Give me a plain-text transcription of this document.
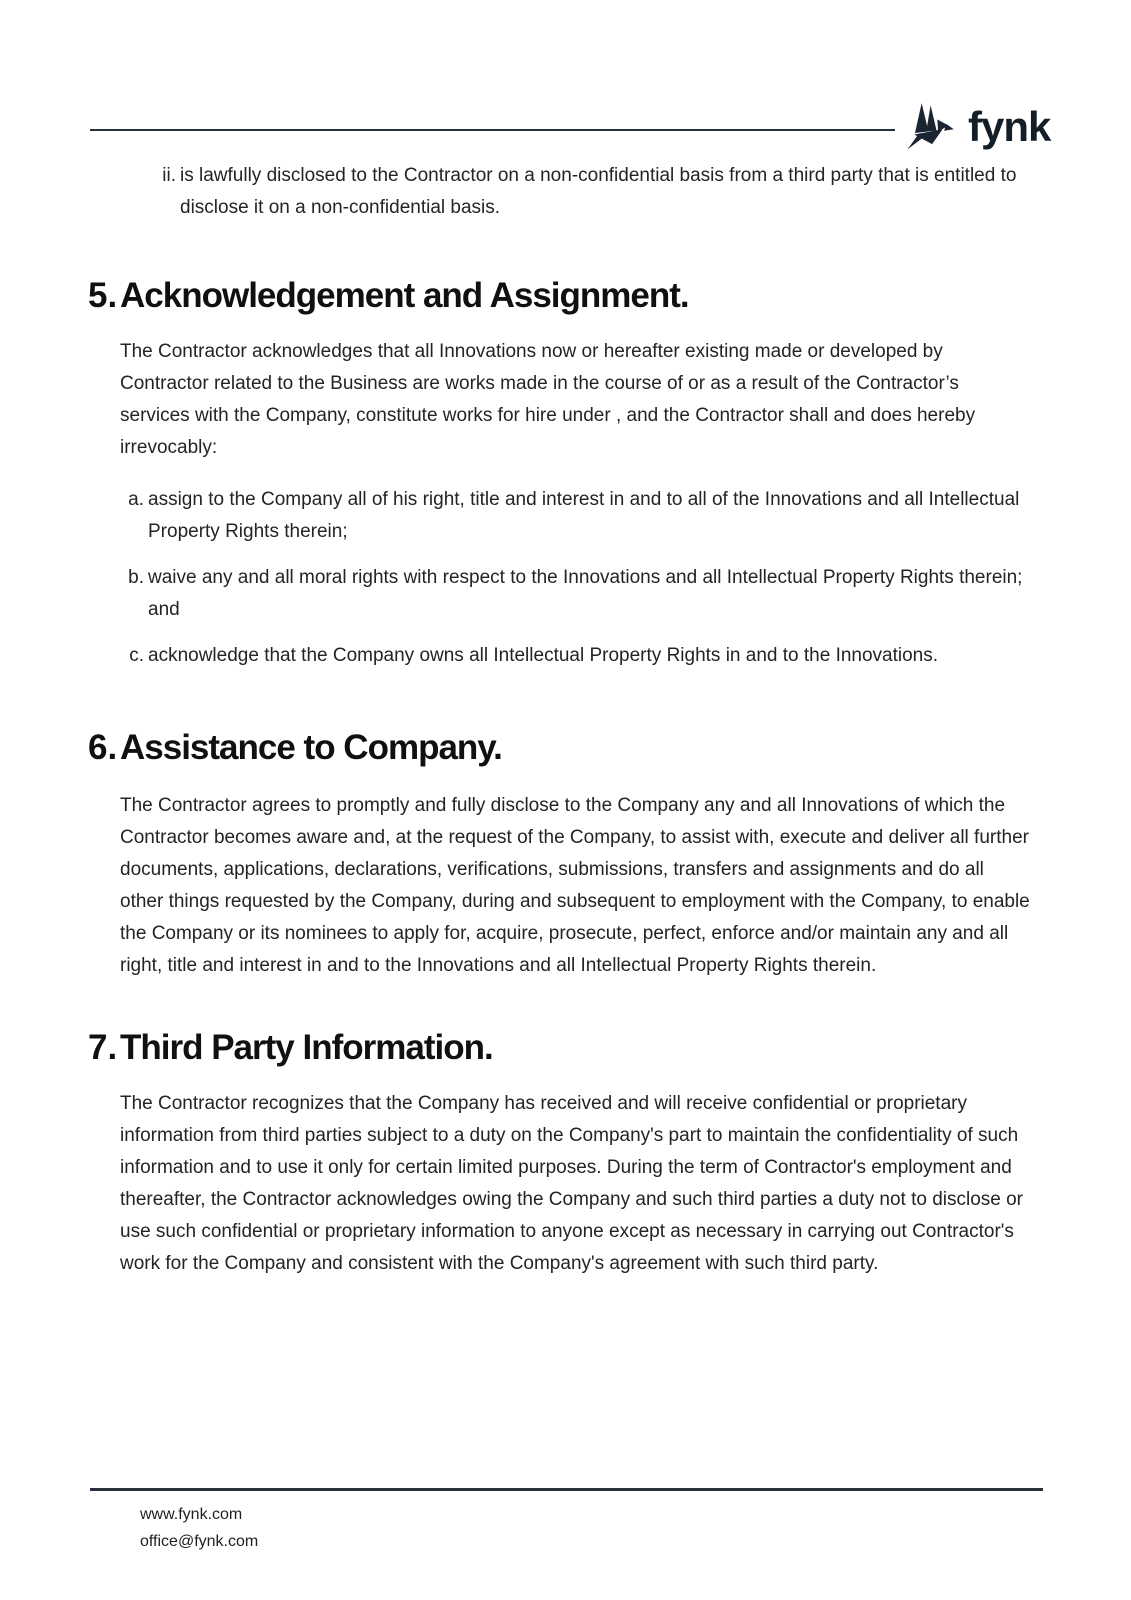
fynk
ii. is lawfully disclosed to the Contractor on a non-confidential basis from a third party that is entitled to disclose it on a non-confidential basis.
5.Acknowledgement and Assignment.

The Contractor acknowledges that all Innovations now or hereafter existing made or developed by Contractor related to the Business are works made in the course of or as a result of the Contractor’s services with the Company, constitute works for hire under , and the Contractor shall and does hereby irrevocably:

a. assign to the Company all of his right, title and interest in and to all of the Innovations and all Intellectual Property Rights therein;
b. waive any and all moral rights with respect to the Innovations and all Intellectual Property Rights therein; and
c. acknowledge that the Company owns all Intellectual Property Rights in and to the Innovations.
6.Assistance to Company.

The Contractor agrees to promptly and fully disclose to the Company any and all Innovations of which the Contractor becomes aware and, at the request of the Company, to assist with, execute and deliver all further documents, applications, declarations, verifications, submissions, transfers and assignments and do all other things requested by the Company, during and subsequent to employment with the Company, to enable the Company or its nominees to apply for, acquire, prosecute, perfect, enforce and/or maintain any and all right, title and interest in and to the Innovations and all Intellectual Property Rights therein.

7.Third Party Information.

The Contractor recognizes that the Company has received and will receive confidential or proprietary information from third parties subject to a duty on the Company's part to maintain the confidentiality of such information and to use it only for certain limited purposes. During the term of Contractor's employment and thereafter, the Contractor acknowledges owing the Company and such third parties a duty not to disclose or use such confidential or proprietary information to anyone except as necessary in carrying out Contractor's work for the Company and consistent with the Company's agreement with such third party.

www.fynk.com
office@fynk.com
